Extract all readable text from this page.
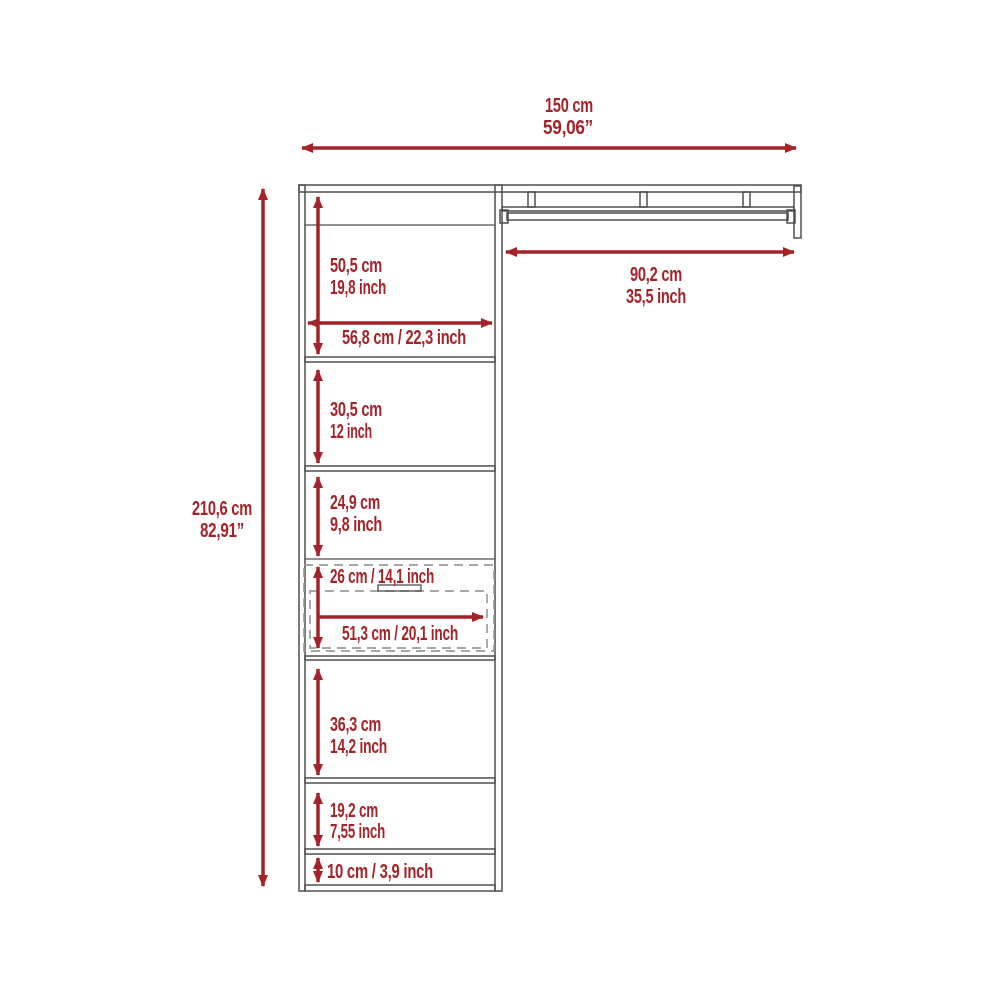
150 cm
59,06”
210,6 cm
82,91”
50,5 cm
19,8 inch
56,8 cm / 22,3 inch
90,2 cm
35,5 inch
30,5 cm
12 inch
24,9 cm
9,8 inch
26 cm / 14,1 inch
51,3 cm / 20,1 inch
36,3 cm
14,2 inch
19,2 cm
7,55 inch
10 cm / 3,9 inch
